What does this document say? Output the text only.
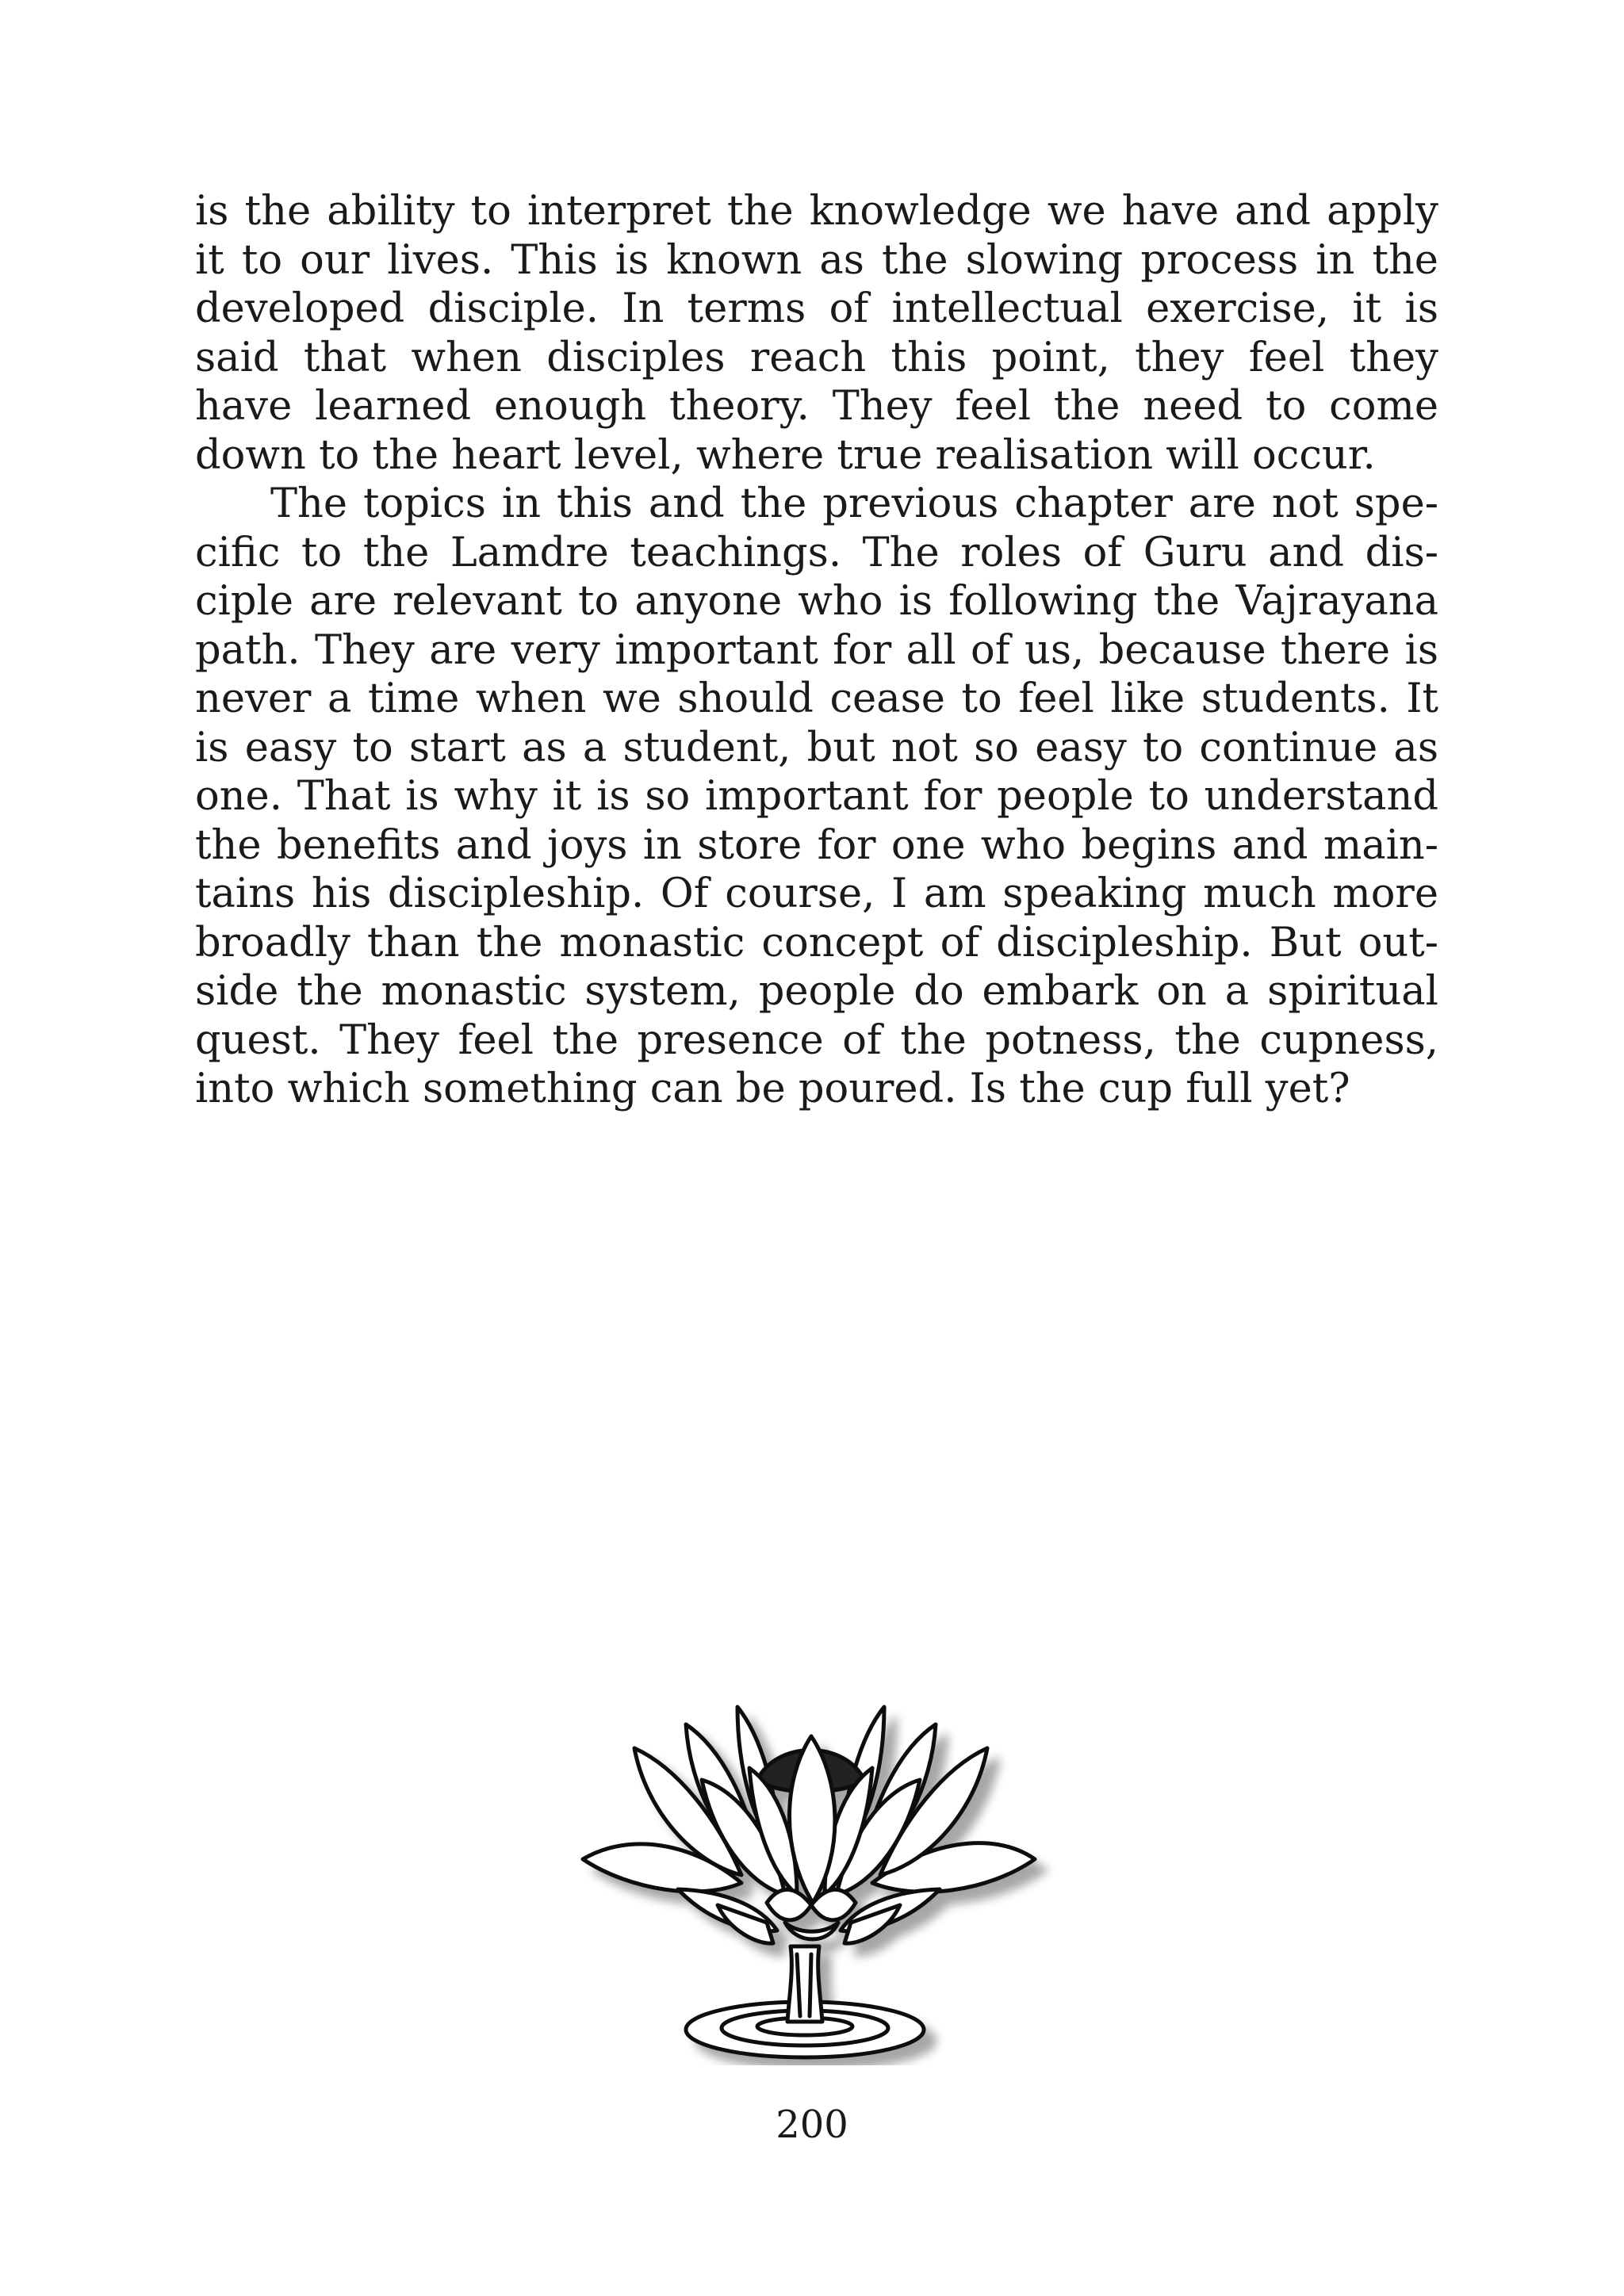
is the ability to interpret the knowledge we have and apply it to our lives. This is known as the slowing process in the developed disciple. In terms of intellectual exercise, it is said that when disciples reach this point, they feel they have learned enough theory. They feel the need to come down to the heart level, where true realisation will occur.

The topics in this and the previous chapter are not specific to the Lamdre teachings. The roles of Guru and disciple are relevant to anyone who is following the Vajrayana path. They are very important for all of us, because there is never a time when we should cease to feel like students. It is easy to start as a student, but not so easy to continue as one. That is why it is so important for people to understand the benefits and joys in store for one who begins and maintains his discipleship. Of course, I am speaking much more broadly than the monastic concept of discipleship. But outside the monastic system, people do embark on a spiritual quest. They feel the presence of the potness, the cupness, into which something can be poured. Is the cup full yet?

200
